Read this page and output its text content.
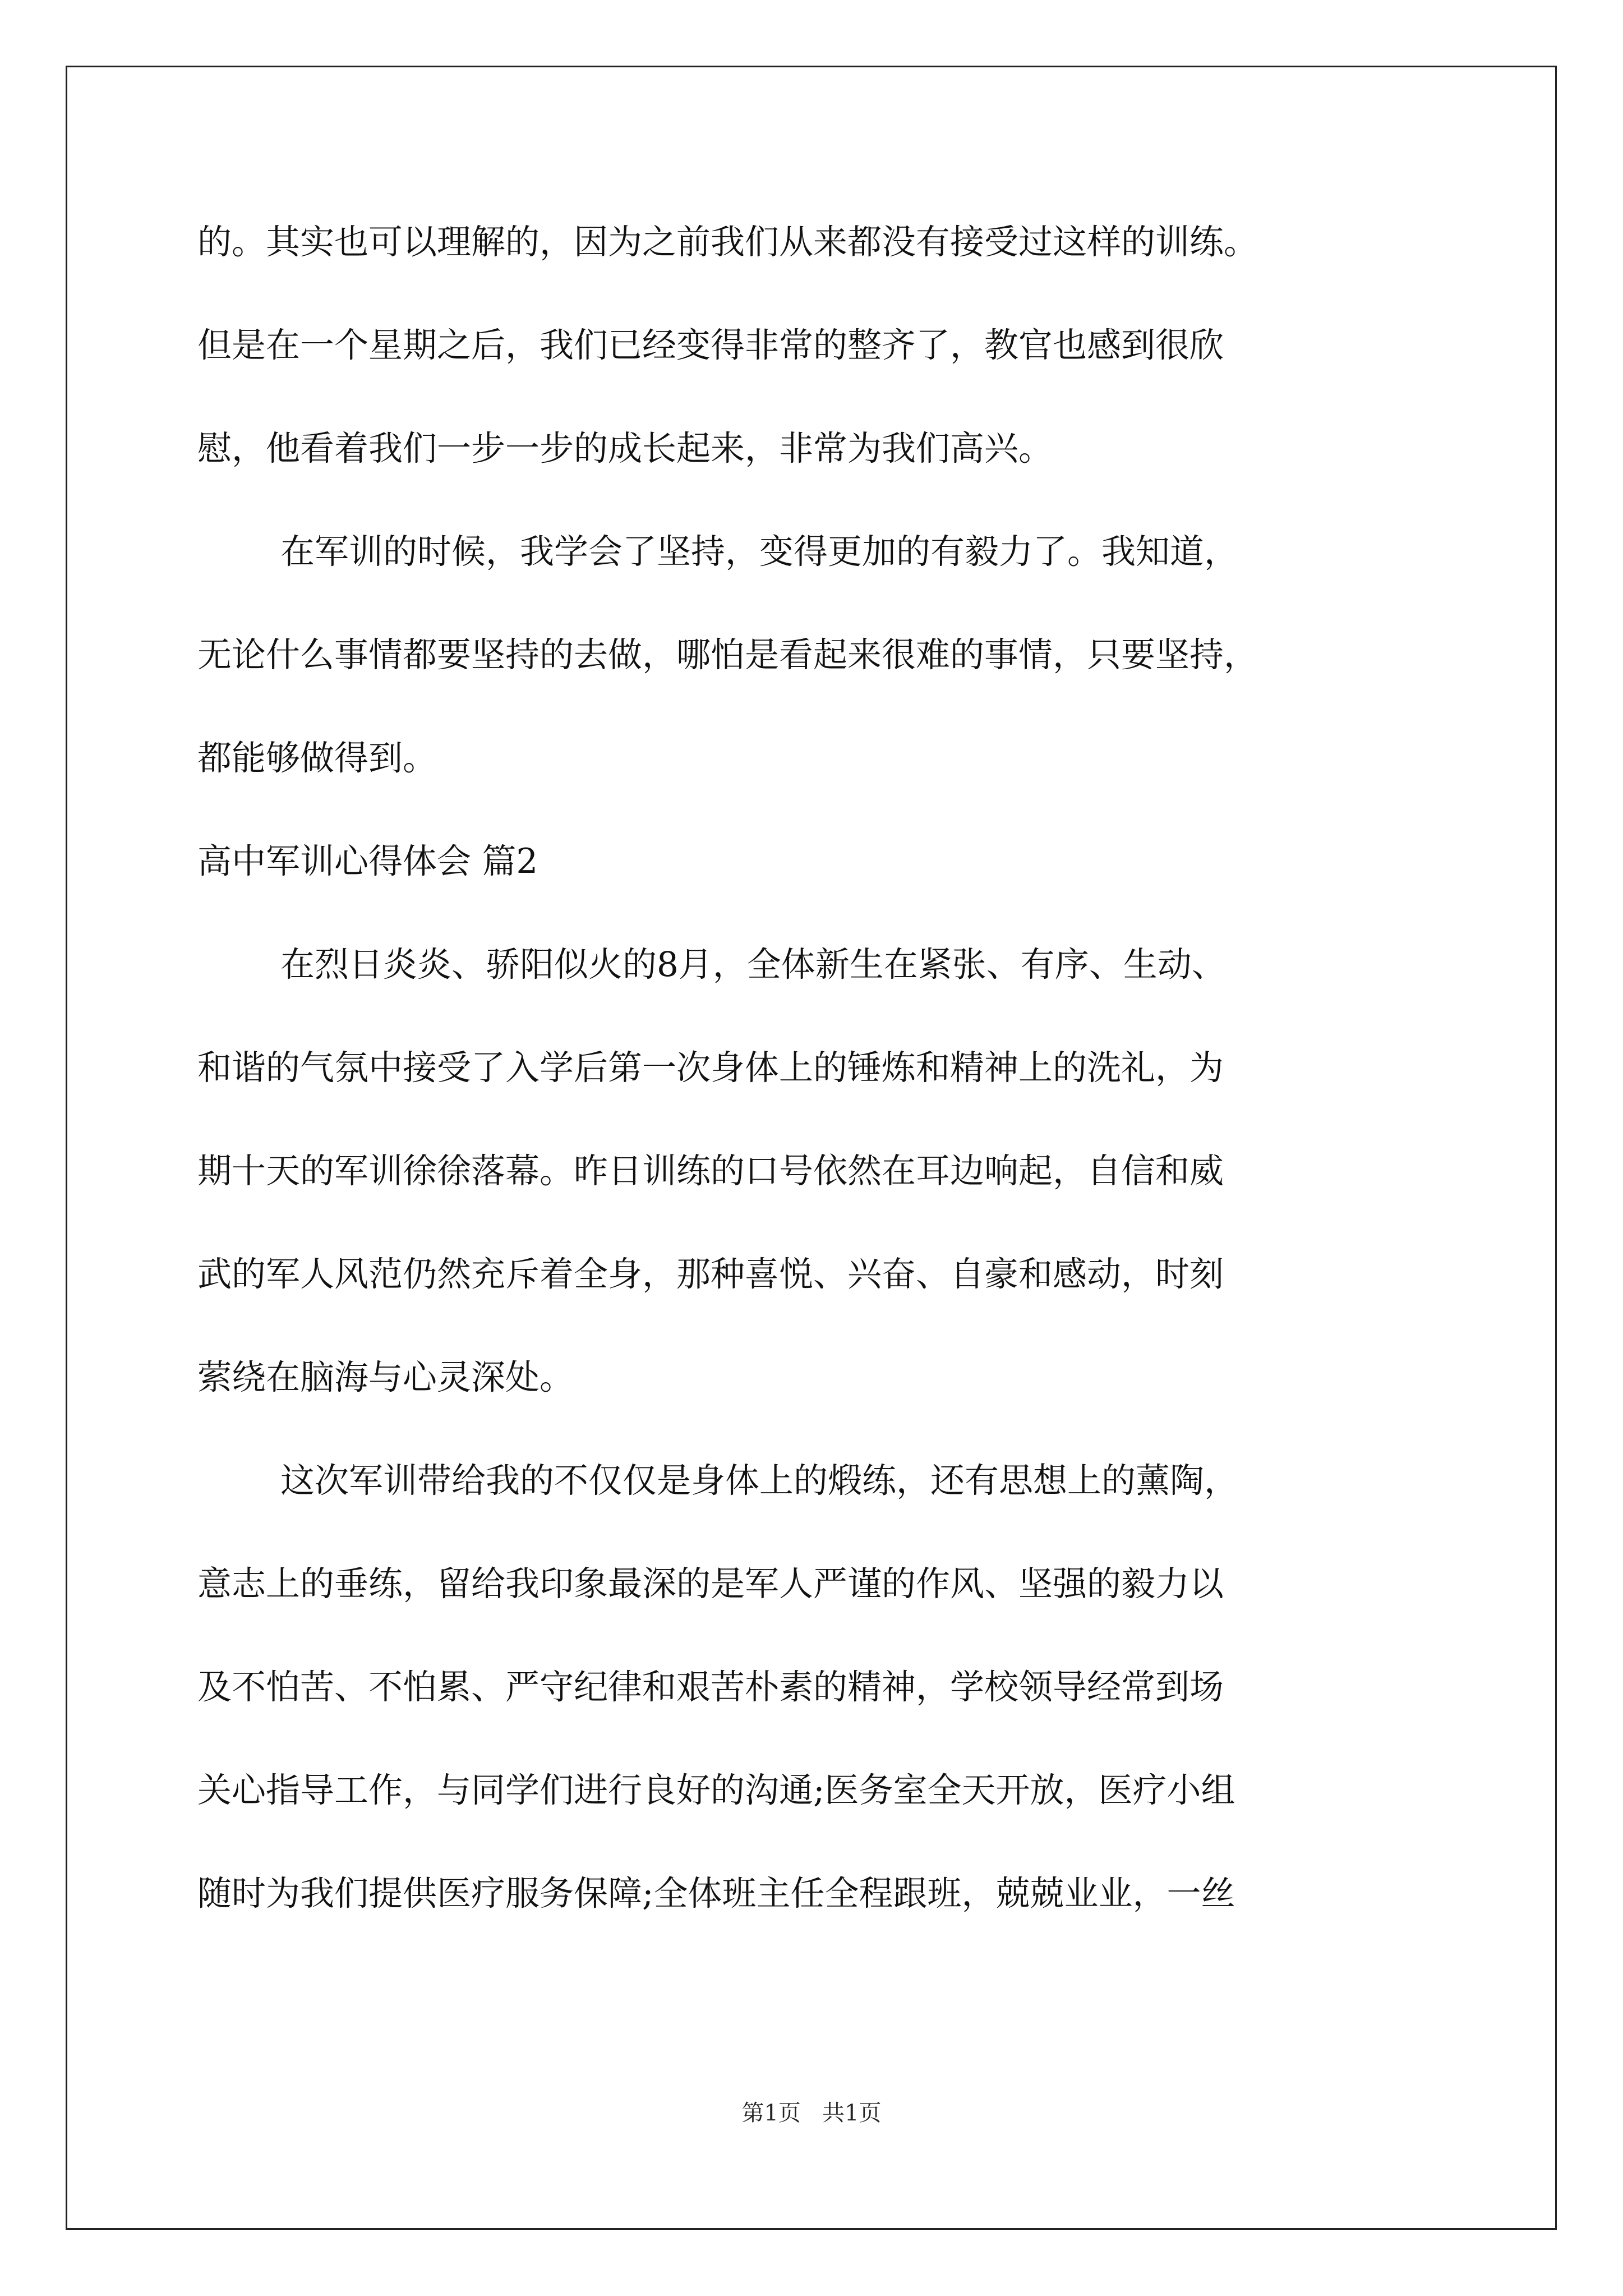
的。其实也可以理解的，因为之前我们从来都没有接受过这样的训练。
但是在一个星期之后，我们已经变得非常的整齐了，教官也感到很欣
慰，他看着我们一步一步的成长起来，非常为我们高兴。
在军训的时候，我学会了坚持，变得更加的有毅力了。我知道，
无论什么事情都要坚持的去做，哪怕是看起来很难的事情，只要坚持，
都能够做得到。
高中军训心得体会 篇2
在烈日炎炎、骄阳似火的8月，全体新生在紧张、有序、生动、
和谐的气氛中接受了入学后第一次身体上的锤炼和精神上的洗礼，为
期十天的军训徐徐落幕。昨日训练的口号依然在耳边响起，自信和威
武的军人风范仍然充斥着全身，那种喜悦、兴奋、自豪和感动，时刻
萦绕在脑海与心灵深处。
这次军训带给我的不仅仅是身体上的煅练，还有思想上的薰陶，
意志上的垂练，留给我印象最深的是军人严谨的作风、坚强的毅力以
及不怕苦、不怕累、严守纪律和艰苦朴素的精神，学校领导经常到场
关心指导工作，与同学们进行良好的沟通;医务室全天开放，医疗小组
随时为我们提供医疗服务保障;全体班主任全程跟班，兢兢业业，一丝
第1页   共1页
